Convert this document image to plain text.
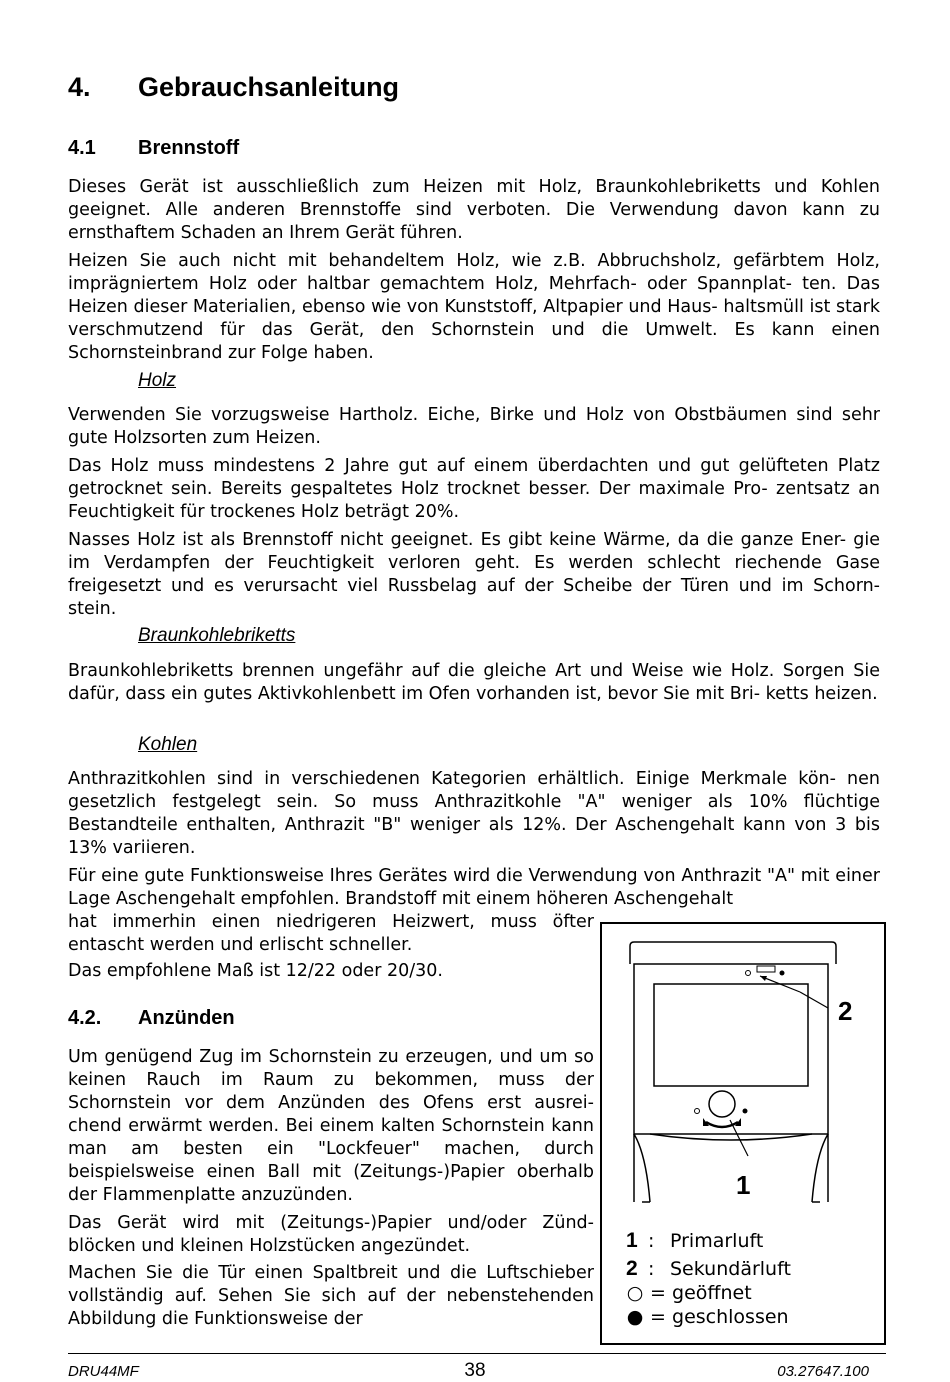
4. Gebrauchsanleitung
4.1 Brennstoff

Dieses Gerät ist ausschließlich zum Heizen mit Holz, Braunkohlebriketts und Kohlen geeignet. Alle anderen Brennstoffe sind verboten. Die Verwendung davon kann zu ernsthaftem Schaden an Ihrem Gerät führen.

Heizen Sie auch nicht mit behandeltem Holz, wie z.B. Abbruchsholz, gefärbtem Holz, imprägniertem Holz oder haltbar gemachtem Holz, Mehrfach- oder Spannplat- ten. Das Heizen dieser Materialien, ebenso wie von Kunststoff, Altpapier und Haus- haltsmüll ist stark verschmutzend für das Gerät, den Schornstein und die Umwelt. Es kann einen Schornsteinbrand zur Folge haben.

Holz

Verwenden Sie vorzugsweise Hartholz. Eiche, Birke und Holz von Obstbäumen sind sehr gute Holzsorten zum Heizen.

Das Holz muss mindestens 2 Jahre gut auf einem überdachten und gut gelüfteten Platz getrocknet sein. Bereits gespaltetes Holz trocknet besser. Der maximale Pro- zentsatz an Feuchtigkeit für trockenes Holz beträgt 20%.

Nasses Holz ist als Brennstoff nicht geeignet. Es gibt keine Wärme, da die ganze Ener- gie im Verdampfen der Feuchtigkeit verloren geht. Es werden schlecht riechende Gase freigesetzt und es verursacht viel Russbelag auf der Scheibe der Türen und im Schorn- stein.

Braunkohlebriketts

Braunkohlebriketts brennen ungefähr auf die gleiche Art und Weise wie Holz. Sorgen Sie dafür, dass ein gutes Aktivkohlenbett im Ofen vorhanden ist, bevor Sie mit Bri- ketts heizen.

Kohlen

Anthrazitkohlen sind in verschiedenen Kategorien erhältlich. Einige Merkmale kön- nen gesetzlich festgelegt sein. So muss Anthrazitkohle "A" weniger als 10% flüchtige Bestandteile enthalten, Anthrazit "B" weniger als 12%. Der Aschengehalt kann von 3 bis 13% variieren.

Für eine gute Funktionsweise Ihres Gerätes wird die Verwendung von Anthrazit "A" mit einer Lage Aschengehalt empfohlen. Brandstoff mit einem höheren Aschengehalt

hat immerhin einen niedrigeren Heizwert, muss öfter entascht werden und erlischt schneller.

Das empfohlene Maß ist 12/22 oder 20/30.

4.2. Anzünden

Um genügend Zug im Schornstein zu erzeugen, und um so keinen Rauch im Raum zu bekommen, muss der Schornstein vor dem Anzünden des Ofens erst ausrei- chend erwärmt werden. Bei einem kalten Schornstein kann man am besten ein "Lockfeuer" machen, durch beispielsweise einen Ball mit (Zeitungs-)Papier oberhalb der Flammenplatte anzuzünden.

Das Gerät wird mit (Zeitungs-)Papier und/oder Zünd- blöcken und kleinen Holzstücken angezündet.

Machen Sie die Tür einen Spaltbreit und die Luftschieber vollständig auf. Sehen Sie sich auf der nebenstehenden Abbildung die Funktionsweise der

2
1
1 : Primarluft
2 : Sekundärluft
○ = geöffnet
● = geschlossen
DRU44MF	38	03.27647.100
